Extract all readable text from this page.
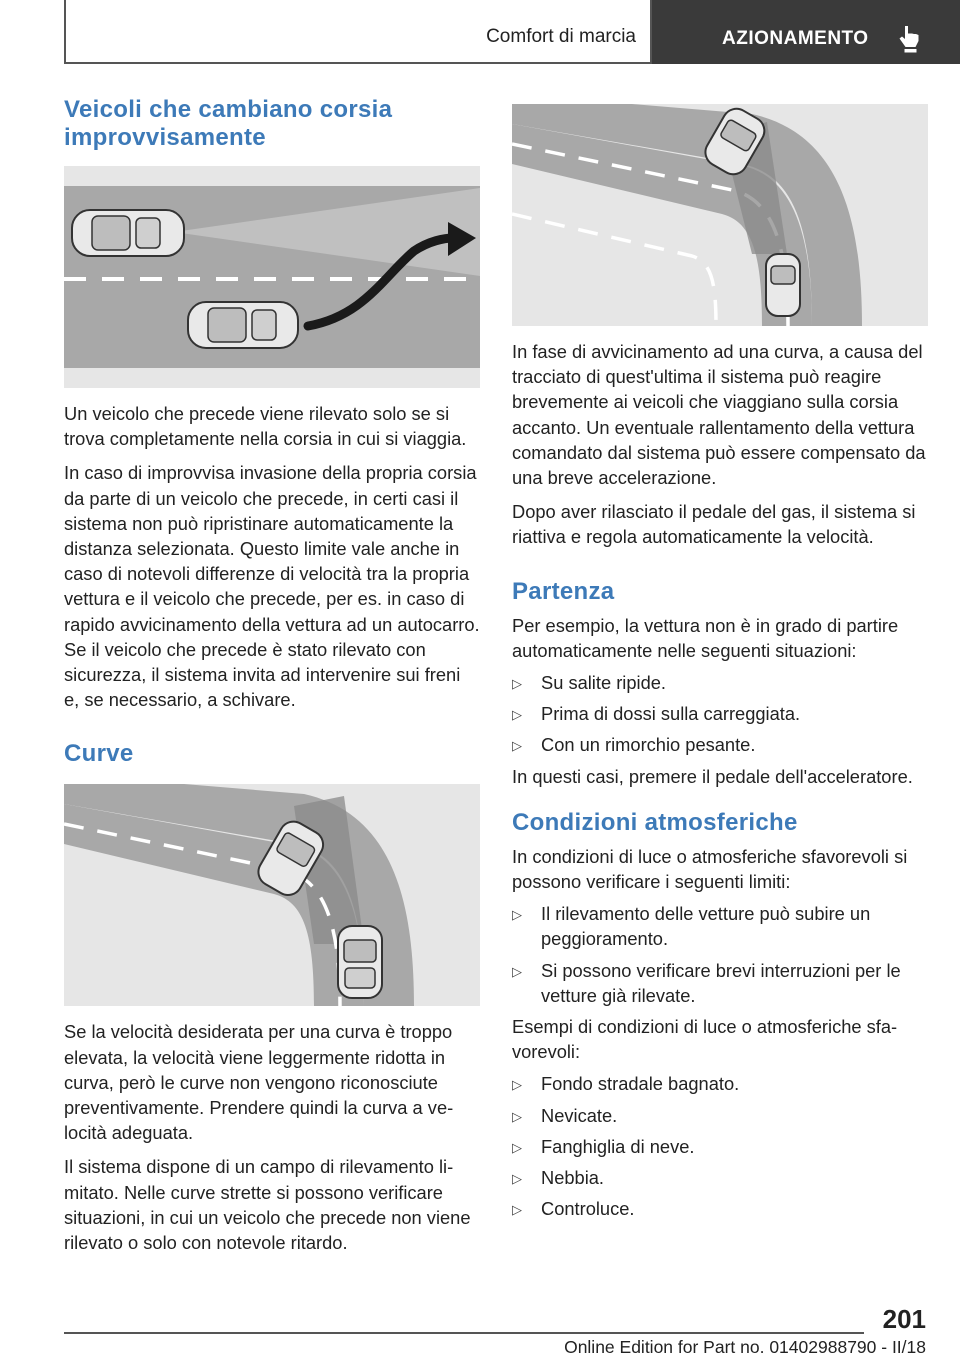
Comfort di marcia	AZIONAMENTO
Veicoli che cambiano corsia improvvisamente

Un veicolo che precede viene rilevato solo se si trova completamente nella corsia in cui si viaggia.

In caso di improvvisa invasione della propria corsia da parte di un veicolo che precede, in certi casi il sistema non può ripristinare automaticamente la distanza selezionata. Questo limite vale anche in caso di notevoli differenze di velocità tra la propria vettura e il veicolo che precede, per es. in caso di rapido avvicinamento della vettura ad un autocarro. Se il veicolo che precede è stato rilevato con sicurezza, il sistema invita ad intervenire sui freni e, se necessario, a schivare.

Curve

Se la velocità desiderata per una curva è troppo elevata, la velocità viene leggermente ridotta in curva, però le curve non vengono riconosciute preventivamente. Prendere quindi la curva a velocità adeguata.

Il sistema dispone di un campo di rilevamento limitato. Nelle curve strette si possono verificare situazioni, in cui un veicolo che precede non viene rilevato o solo con notevole ritardo.

In fase di avvicinamento ad una curva, a causa del tracciato di quest'ultima il sistema può reagire brevemente ai veicoli che viaggiano sulla corsia accanto. Un eventuale rallentamento della vettura comandato dal sistema può essere compensato da una breve accelerazione.

Dopo aver rilasciato il pedale del gas, il sistema si riattiva e regola automaticamente la velocità.

Partenza

Per esempio, la vettura non è in grado di partire automaticamente nelle seguenti situazioni:

▷ Su salite ripide.
▷ Prima di dossi sulla carreggiata.
▷ Con un rimorchio pesante.

In questi casi, premere il pedale dell'acceleratore.

Condizioni atmosferiche

In condizioni di luce o atmosferiche sfavorevoli si possono verificare i seguenti limiti:

▷ Il rilevamento delle vetture può subire un peggioramento.
▷ Si possono verificare brevi interruzioni per le vetture già rilevate.

Esempi di condizioni di luce o atmosferiche sfavorevoli:

▷ Fondo stradale bagnato.
▷ Nevicate.
▷ Fanghiglia di neve.
▷ Nebbia.
▷ Controluce.
201
Online Edition for Part no. 01402988790 - II/18
